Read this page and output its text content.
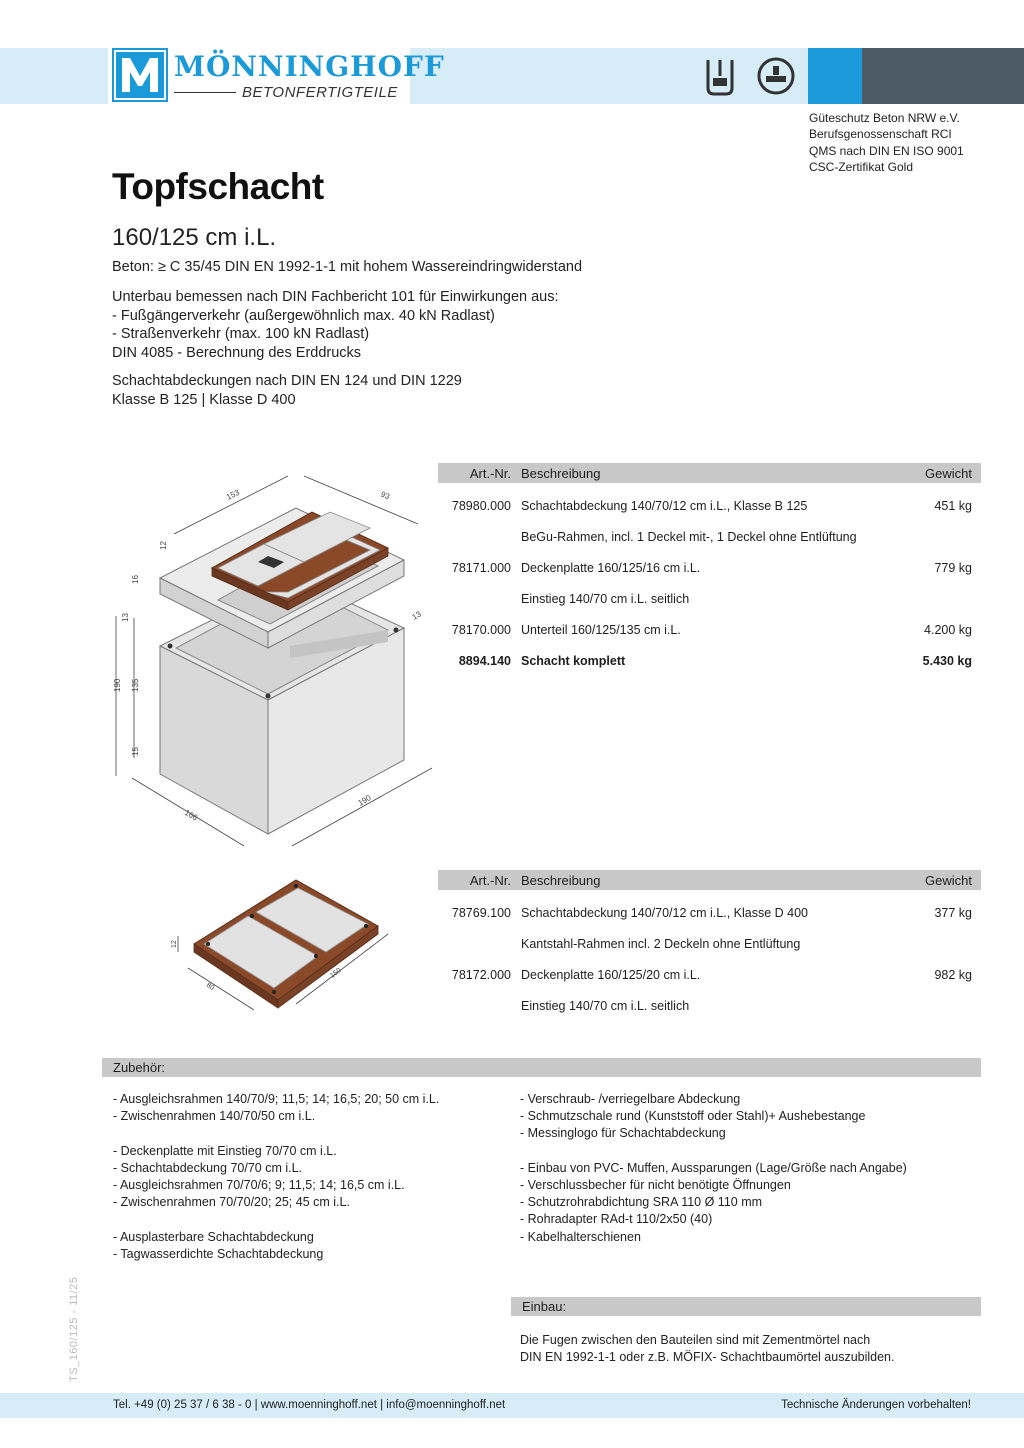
MÖNNINGHOFF
BETONFERTIGTEILE
Güteschutz Beton NRW e.V.
Berufsgenossenschaft RCI
QMS nach DIN EN ISO 9001
CSC-Zertifikat Gold
Topfschacht
160/125 cm i.L.
Beton: ≥ C 35/45 DIN EN 1992-1-1 mit hohem Wassereindringwiderstand
Unterbau bemessen nach DIN Fachbericht 101 für Einwirkungen aus:
- Fußgängerverkehr (außergewöhnlich max. 40 kN Radlast)
- Straßenverkehr (max. 100 kN Radlast)
DIN 4085 - Berechnung des Erddrucks
Schachtabdeckungen nach DIN EN 124 und DIN 1229
Klasse B 125 | Klasse D 400
153	93
12
16
13
190 135
15
166
190
13
Art.-Nr. Beschreibung	Gewicht
78980.000 Schachtabdeckung 140/70/12 cm i.L., Klasse B 125	451 kg
BeGu-Rahmen, incl. 1 Deckel mit-, 1 Deckel ohne Entlüftung
78171.000 Deckenplatte 160/125/16 cm i.L.	779 kg
Einstieg 140/70 cm i.L. seitlich
78170.000 Unterteil 160/125/135 cm i.L.	4.200 kg
8894.140 Schacht komplett	5.430 kg
12
80
150
Art.-Nr. Beschreibung	Gewicht
78769.100 Schachtabdeckung 140/70/12 cm i.L., Klasse D 400	377 kg
Kantstahl-Rahmen incl. 2 Deckeln ohne Entlüftung
78172.000 Deckenplatte 160/125/20 cm i.L.	982 kg
Einstieg 140/70 cm i.L. seitlich
Zubehör:
- Ausgleichsrahmen 140/70/9; 11,5; 14; 16,5; 20; 50 cm i.L.
- Zwischenrahmen 140/70/50 cm i.L.
- Deckenplatte mit Einstieg 70/70 cm i.L.
- Schachtabdeckung 70/70 cm i.L.
- Ausgleichsrahmen 70/70/6; 9; 11,5; 14; 16,5 cm i.L.
- Zwischenrahmen 70/70/20; 25; 45 cm i.L.
- Ausplasterbare Schachtabdeckung
- Tagwasserdichte Schachtabdeckung
- Verschraub- /verriegelbare Abdeckung
- Schmutzschale rund (Kunststoff oder Stahl)+ Aushebestange
- Messinglogo für Schachtabdeckung
- Einbau von PVC- Muffen, Aussparungen (Lage/Größe nach Angabe)
- Verschlussbecher für nicht benötigte Öffnungen
- Schutzrohrabdichtung SRA 110 Ø 110 mm
- Rohradapter RAd-t 110/2x50 (40)
- Kabelhalterschienen
Einbau:
Die Fugen zwischen den Bauteilen sind mit Zementmörtel nach
DIN EN 1992-1-1 oder z.B. MÖFIX- Schachtbaumörtel auszubilden.
TS_160/125 - 11/25
Tel. +49 (0) 25 37 / 6 38 - 0 | www.moenninghoff.net | info@moenninghoff.net	Technische Änderungen vorbehalten!
